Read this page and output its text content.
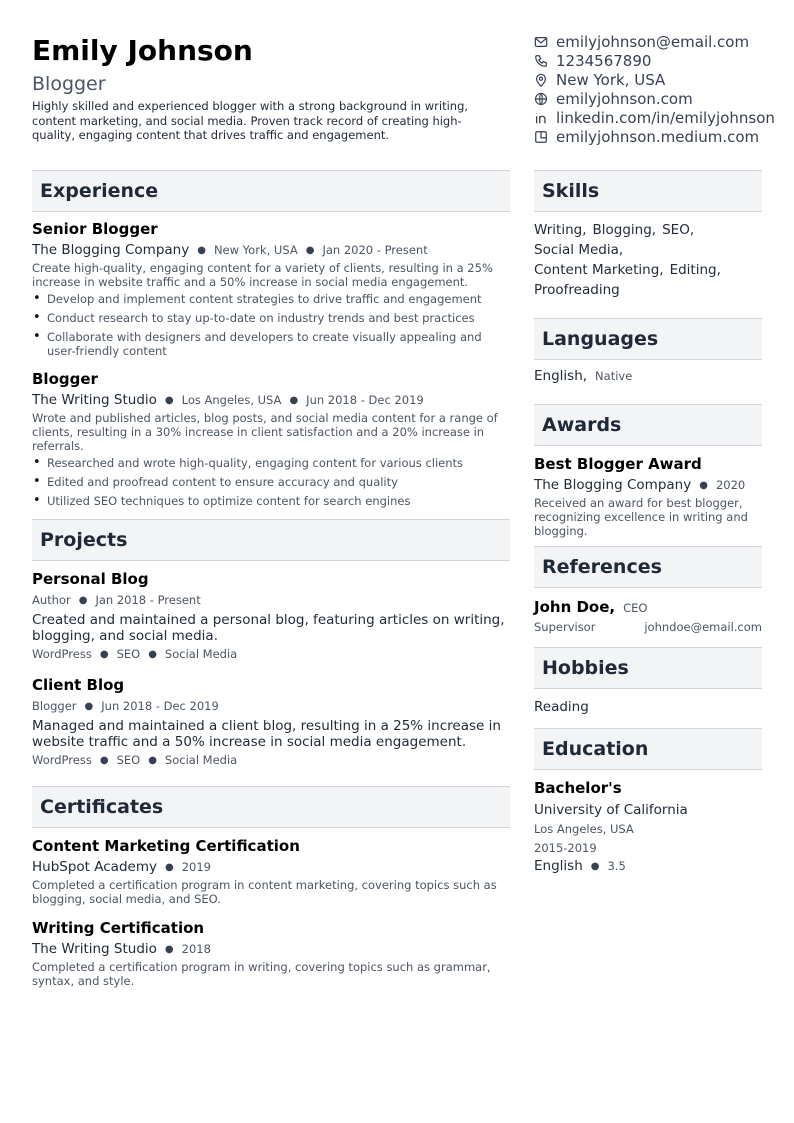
Emily Johnson
Blogger
Highly skilled and experienced blogger with a strong background in writing, content marketing, and social media. Proven track record of creating high-quality, engaging content that drives traffic and engagement.
emilyjohnson@email.com
1234567890
New York, USA
emilyjohnson.com
linkedin.com/in/emilyjohnson
emilyjohnson.medium.com
Experience
Senior Blogger
The Blogging Company ● New York, USA ● Jan 2020 - Present
Create high-quality, engaging content for a variety of clients, resulting in a 25% increase in website traffic and a 50% increase in social media engagement.
• Develop and implement content strategies to drive traffic and engagement
• Conduct research to stay up-to-date on industry trends and best practices
• Collaborate with designers and developers to create visually appealing and user-friendly content
Blogger
The Writing Studio ● Los Angeles, USA ● Jun 2018 - Dec 2019
Wrote and published articles, blog posts, and social media content for a range of clients, resulting in a 30% increase in client satisfaction and a 20% increase in referrals.
• Researched and wrote high-quality, engaging content for various clients
• Edited and proofread content to ensure accuracy and quality
• Utilized SEO techniques to optimize content for search engines
Projects
Personal Blog
Author ● Jan 2018 - Present
Created and maintained a personal blog, featuring articles on writing, blogging, and social media.
WordPress ● SEO ● Social Media
Client Blog
Blogger ● Jun 2018 - Dec 2019
Managed and maintained a client blog, resulting in a 25% increase in website traffic and a 50% increase in social media engagement.
WordPress ● SEO ● Social Media
Certificates
Content Marketing Certification
HubSpot Academy ● 2019
Completed a certification program in content marketing, covering topics such as blogging, social media, and SEO.
Writing Certification
The Writing Studio ● 2018
Completed a certification program in writing, covering topics such as grammar, syntax, and style.
Skills
Writing, Blogging, SEO,
Social Media,
Content Marketing, Editing,
Proofreading
Languages
English, Native
Awards
Best Blogger Award
The Blogging Company ● 2020
Received an award for best blogger, recognizing excellence in writing and blogging.
References
John Doe, CEO
Supervisor	johndoe@email.com
Hobbies
Reading
Education
Bachelor's
University of California
Los Angeles, USA
2015-2019
English ● 3.5
